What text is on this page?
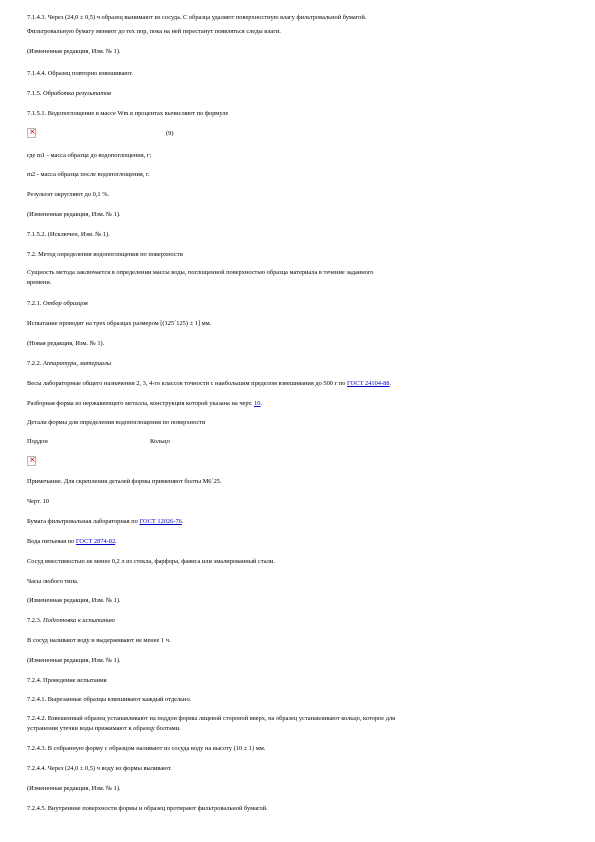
7.1.4.3. Через (24,0 ± 0,5) ч образец вынимают из сосуда. С образца удаляют поверхностную влагу фильтровальной бумагой.
Фильтровальную бумагу меняют до тех пор, пока на ней перестанут появляться следы влаги.
(Измененная редакция, Изм. № 1).
7.1.4.4. Образец повторно взвешивают.
7.1.5. Обработка результатов
7.1.5.1. Водопоглощение в массе Wm в процентах вычисляют по формуле
×
(9)
где m1 - масса образца до водопоглощения, г;
m2 - масса образца после водопоглощения, г.
Результат округляют до 0,1 %.
(Измененная редакция, Изм. № 1).
7.1.5.2. (Исключен, Изм. № 1).
7.2. Метод определения водопоглощения по поверхности
Сущность метода заключается в определении массы воды, поглощенной поверхностью образца материала в течение заданного
времени.
7.2.1. Отбор образцов
Испытание проводят на трех образцах размером [(125´125) ± 1] мм.
(Новая редакция, Изм. № 1).
7.2.2. Аппаратура, материалы
Весы лабораторные общего назначения 2, 3, 4-го классов точности с наибольшим пределом взвешивания до 500 г по ГОСТ 24104-88.
Разборная форма из нержавеющего металла, конструкция которой указана на черт. 10.
Детали формы для определения водопоглощения по поверхности
Поддон	Кольцо
×
Примечание. Для скрепления деталей формы применяют болты М6´25.
Черт. 10
Бумага фильтровальная лабораторная по ГОСТ 12026-76.
Вода питьевая по ГОСТ 2874-82.
Сосуд вместимостью не менее 0,2 л из стекла, фарфора, фаянса или эмалированный стали.
Часы любого типа.
(Измененная редакция, Изм. № 1).
7.2.3. Подготовка к испытанию
В сосуд наливают воду и выдерживают не менее 1 ч.
(Измененная редакция, Изм. № 1).
7.2.4. Проведение испытания
7.2.4.1. Вырезанные образцы взвешивают каждый отдельно.
7.2.4.2. Взвешенный образец устанавливают на поддон формы лицевой стороной вверх, на образец устанавливают кольцо, которое для
устранения утечки воды прижимают к образцу болтами.
7.2.4.3. В собранную форму с образцом наливают из сосуда воду на высоту (10 ± 1) мм.
7.2.4.4. Через (24,0 ± 0,5) ч воду из формы выливают.
(Измененная редакция, Изм. № 1).
7.2.4.5. Внутренние поверхности формы и образец протирают фильтровальной бумагой.
